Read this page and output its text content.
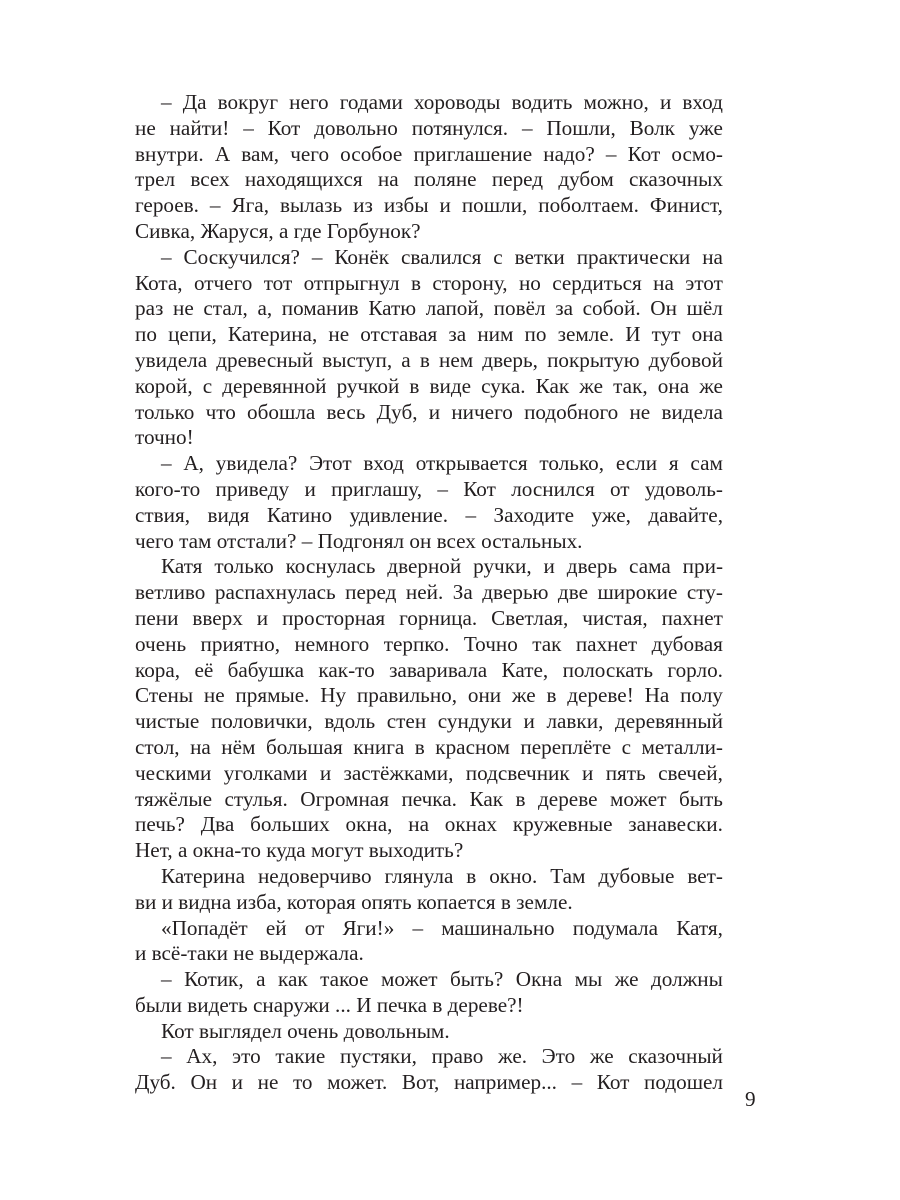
– Да вокруг него годами хороводы водить можно, и вход
не найти! – Кот довольно потянулся. – Пошли, Волк уже
внутри. А вам, чего особое приглашение надо? – Кот осмо-
трел всех находящихся на поляне перед дубом сказочных
героев. – Яга, вылазь из избы и пошли, поболтаем. Финист,
Сивка, Жаруся, а где Горбунок?
– Соскучился? – Конёк свалился с ветки практически на
Кота, отчего тот отпрыгнул в сторону, но сердиться на этот
раз не стал, а, поманив Катю лапой, повёл за собой. Он шёл
по цепи, Катерина, не отставая за ним по земле. И тут она
увидела древесный выступ, а в нем дверь, покрытую дубовой
корой, с деревянной ручкой в виде сука. Как же так, она же
только что обошла весь Дуб, и ничего подобного не видела
точно!
– А, увидела? Этот вход открывается только, если я сам
кого-то приведу и приглашу, – Кот лоснился от удоволь-
ствия, видя Катино удивление. – Заходите уже, давайте,
чего там отстали? – Подгонял он всех остальных.
Катя только коснулась дверной ручки, и дверь сама при-
ветливо распахнулась перед ней. За дверью две широкие сту-
пени вверх и просторная горница. Светлая, чистая, пахнет
очень приятно, немного терпко. Точно так пахнет дубовая
кора, её бабушка как-то заваривала Кате, полоскать горло.
Стены не прямые. Ну правильно, они же в дереве! На полу
чистые половички, вдоль стен сундуки и лавки, деревянный
стол, на нём большая книга в красном переплёте с металли-
ческими уголками и застёжками, подсвечник и пять свечей,
тяжёлые стулья. Огромная печка. Как в дереве может быть
печь? Два больших окна, на окнах кружевные занавески.
Нет, а окна-то куда могут выходить?
Катерина недоверчиво глянула в окно. Там дубовые вет-
ви и видна изба, которая опять копается в земле.
«Попадёт ей от Яги!» – машинально подумала Катя,
и всё-таки не выдержала.
– Котик, а как такое может быть? Окна мы же должны
были видеть снаружи ... И печка в дереве?!
Кот выглядел очень довольным.
– Ах, это такие пустяки, право же. Это же сказочный
Дуб. Он и не то может. Вот, например... – Кот подошел
9
